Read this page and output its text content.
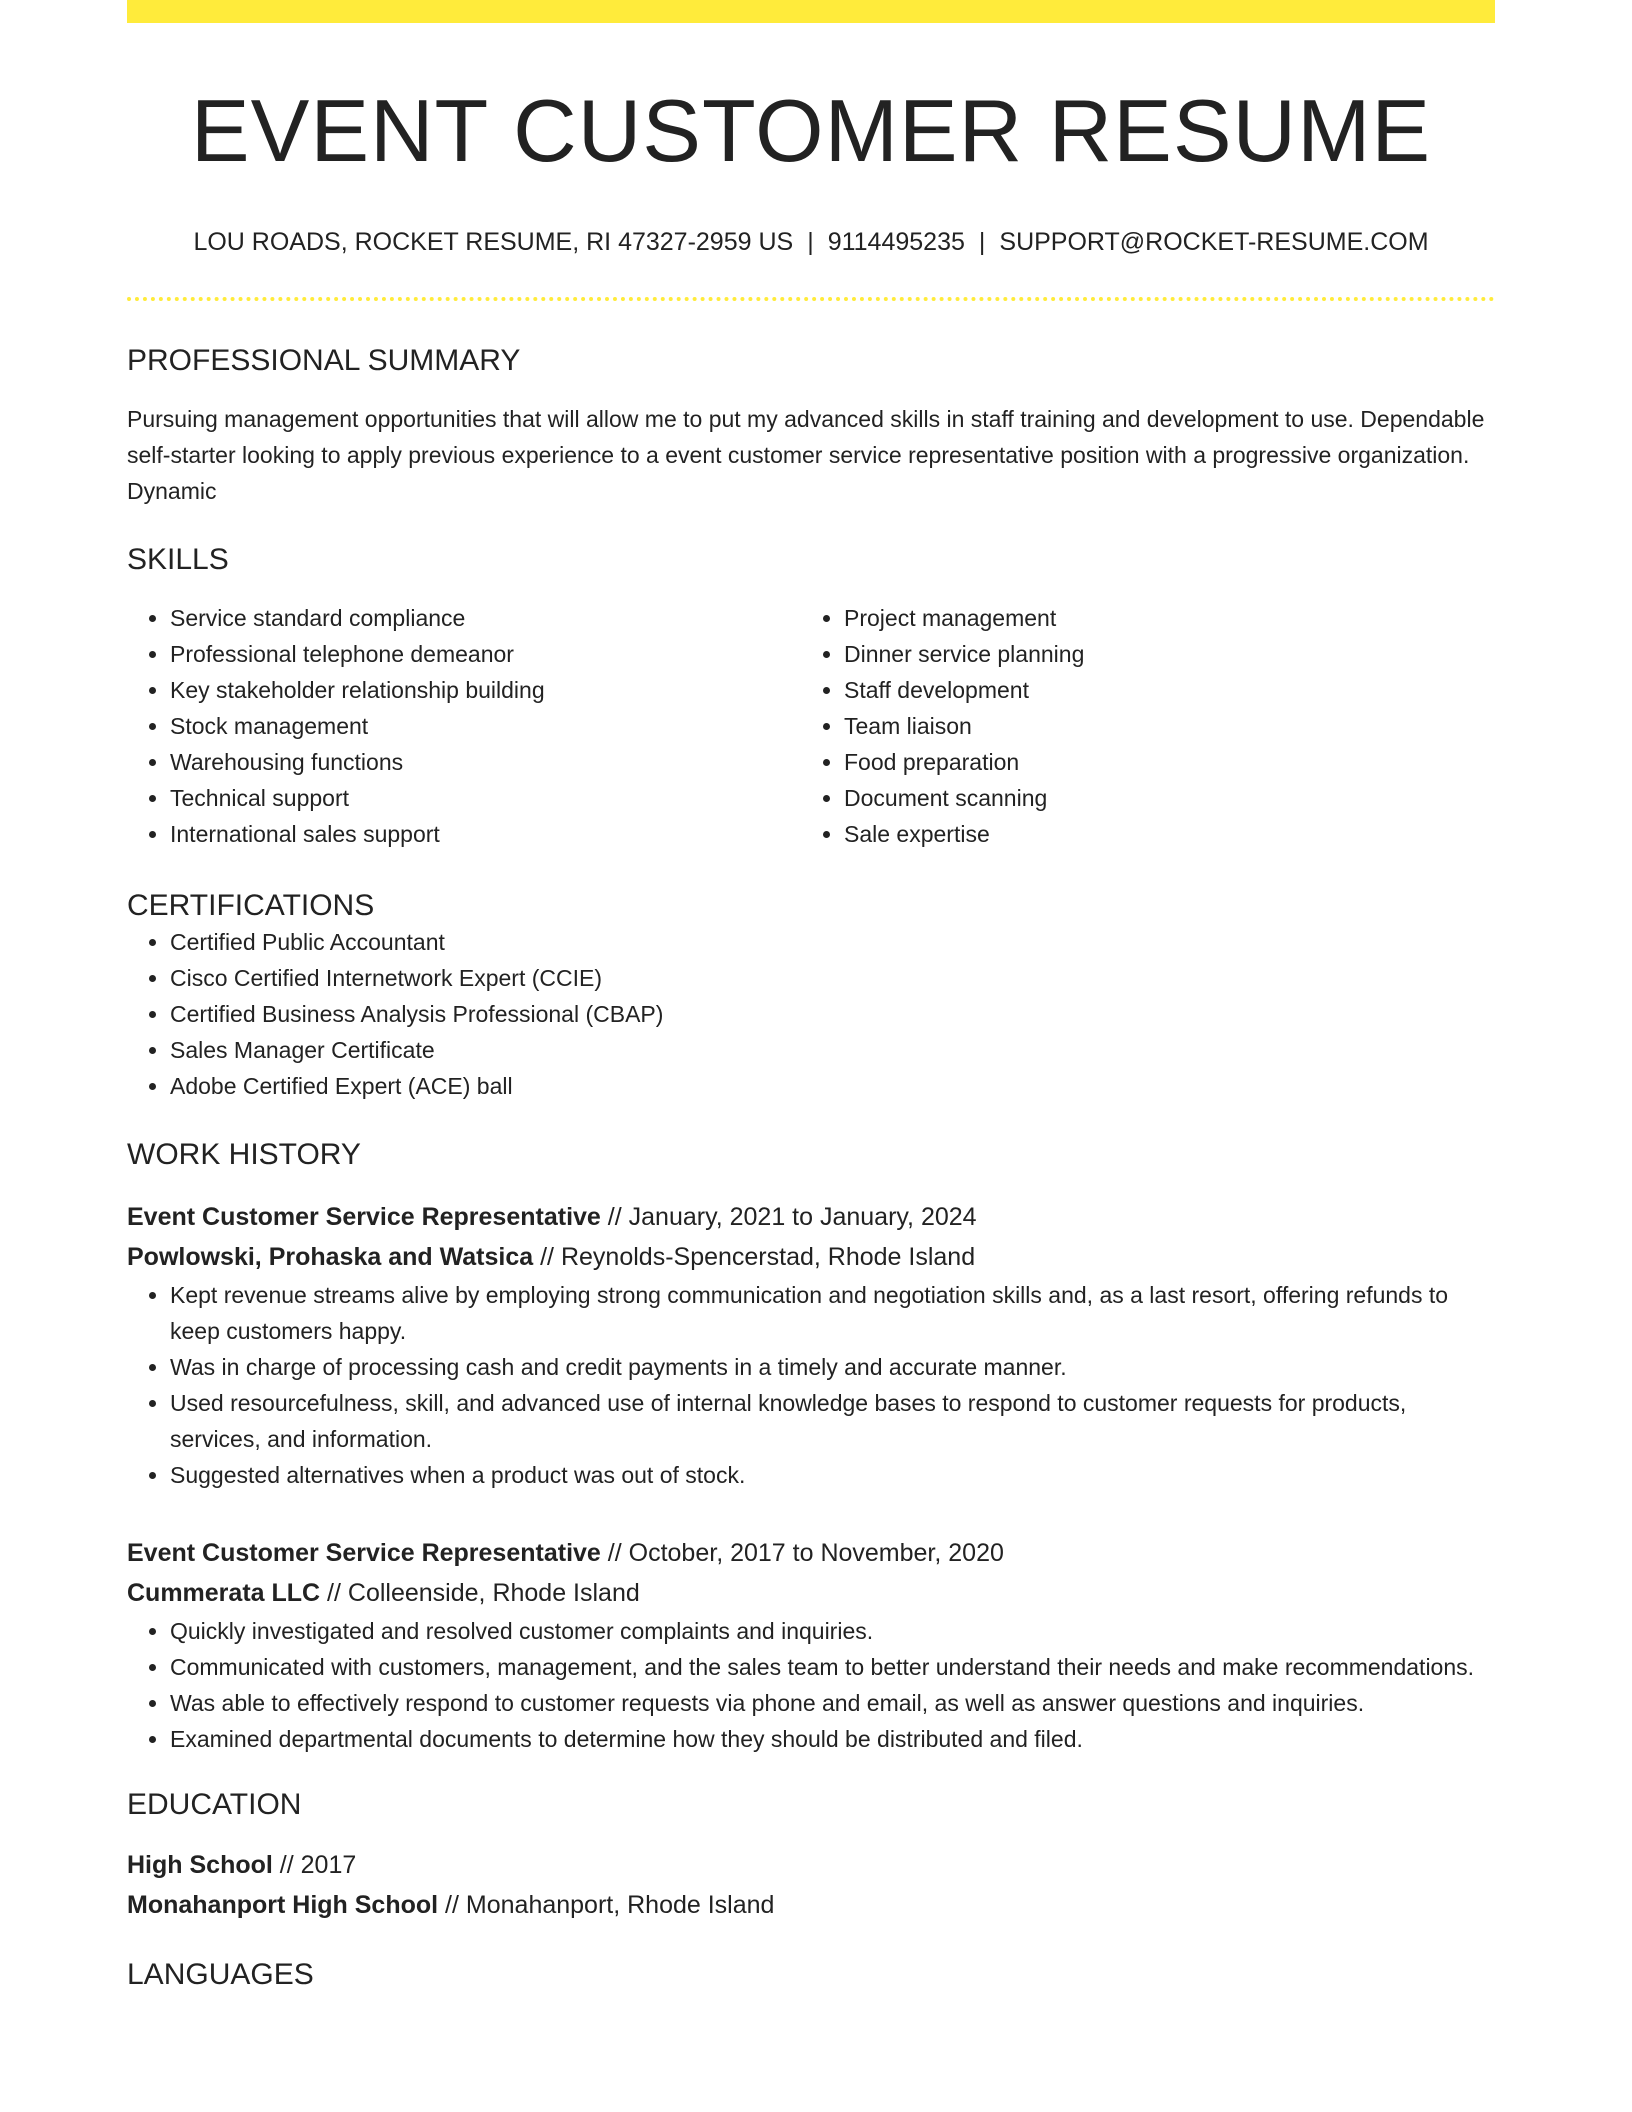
EVENT CUSTOMER RESUME
LOU ROADS, ROCKET RESUME, RI 47327-2959 US | 9114495235 | SUPPORT@ROCKET-RESUME.COM
PROFESSIONAL SUMMARY
Pursuing management opportunities that will allow me to put my advanced skills in staff training and development to use. Dependable self-starter looking to apply previous experience to a event customer service representative position with a progressive organization. Dynamic
SKILLS
• Service standard compliance
• Professional telephone demeanor
• Key stakeholder relationship building
• Stock management
• Warehousing functions
• Technical support
• International sales support
• Project management
• Dinner service planning
• Staff development
• Team liaison
• Food preparation
• Document scanning
• Sale expertise
CERTIFICATIONS
• Certified Public Accountant
• Cisco Certified Internetwork Expert (CCIE)
• Certified Business Analysis Professional (CBAP)
• Sales Manager Certificate
• Adobe Certified Expert (ACE) ball
WORK HISTORY
Event Customer Service Representative // January, 2021 to January, 2024
Powlowski, Prohaska and Watsica // Reynolds-Spencerstad, Rhode Island
• Kept revenue streams alive by employing strong communication and negotiation skills and, as a last resort, offering refunds to keep customers happy.
• Was in charge of processing cash and credit payments in a timely and accurate manner.
• Used resourcefulness, skill, and advanced use of internal knowledge bases to respond to customer requests for products, services, and information.
• Suggested alternatives when a product was out of stock.
Event Customer Service Representative // October, 2017 to November, 2020
Cummerata LLC // Colleenside, Rhode Island
• Quickly investigated and resolved customer complaints and inquiries.
• Communicated with customers, management, and the sales team to better understand their needs and make recommendations.
• Was able to effectively respond to customer requests via phone and email, as well as answer questions and inquiries.
• Examined departmental documents to determine how they should be distributed and filed.
EDUCATION
High School // 2017
Monahanport High School // Monahanport, Rhode Island
LANGUAGES
